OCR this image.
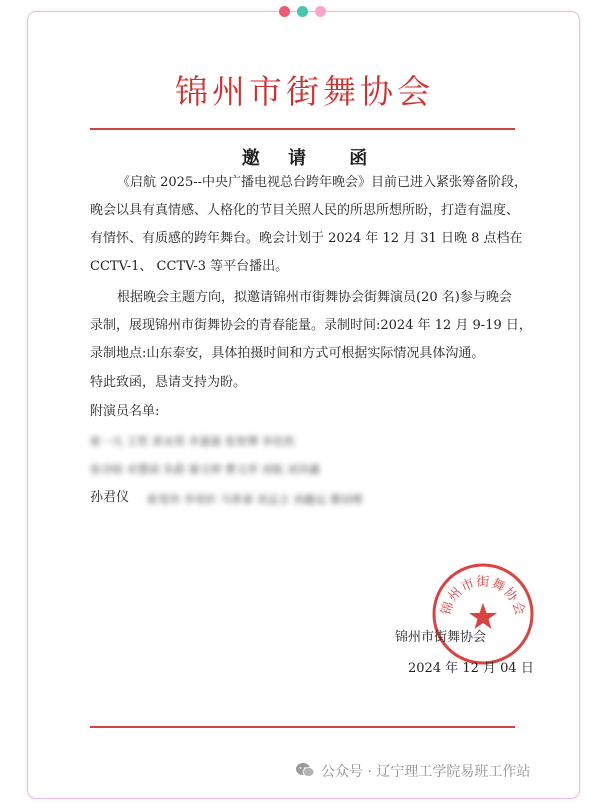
锦州市街舞协会
邀 请 函
《启航 2025--中央广播电视总台跨年晚会》目前已进入紧张筹备阶段，
晚会以具有真情感、人格化的节目关照人民的所思所想所盼，打造有温度、
有情怀、有质感的跨年舞台。晚会计划于 2024 年 12 月 31 日晚 8 点档在
CCTV-1、 CCTV-3 等平台播出。
根据晚会主题方向，拟邀请锦州市街舞协会街舞演员(20 名)参与晚会
录制，展现锦州市街舞协会的青春能量。录制时间:2024 年 12 月 9-19 日，
录制地点:山东泰安，具体拍摄时间和方式可根据实际情况具体沟通。
特此致函，恳请支持为盼。
附演员名单:
崔一凡 王哲 黄业贤 李嘉霖 张智博 李佳然
张诗晗 卓慧函 朱蔚 谢文婷 曹文萍 刘航 刘译鑫
孙君仪 崔雯珍 李昊轩 马希睿 刘孟言 刘鑫远 董而晴
锦州市街舞协会
锦州市街舞协会
2024 年 12 月 04 日
公众号 · 辽宁理工学院易班工作站
